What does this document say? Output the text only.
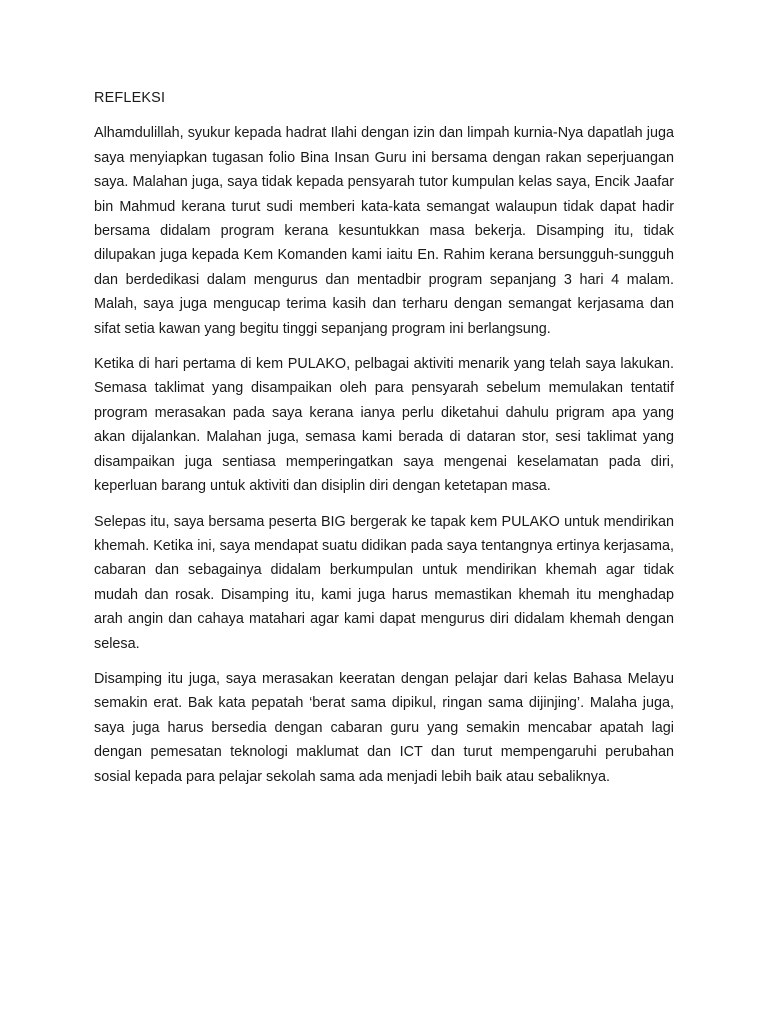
REFLEKSI

Alhamdulillah, syukur kepada hadrat Ilahi dengan izin dan limpah kurnia-Nya dapatlah juga saya menyiapkan tugasan folio Bina Insan Guru ini bersama dengan rakan seperjuangan saya. Malahan juga, saya tidak kepada pensyarah tutor kumpulan kelas saya, Encik Jaafar bin Mahmud kerana turut sudi memberi kata-kata semangat walaupun tidak dapat hadir bersama didalam program kerana kesuntukkan masa bekerja. Disamping itu, tidak dilupakan juga kepada Kem Komanden kami iaitu En. Rahim kerana bersungguh-sungguh dan berdedikasi dalam mengurus dan mentadbir program sepanjang 3 hari 4 malam. Malah, saya juga mengucap terima kasih dan terharu dengan semangat kerjasama dan sifat setia kawan yang begitu tinggi sepanjang program ini berlangsung.

Ketika di hari pertama di kem PULAKO, pelbagai aktiviti menarik yang telah saya lakukan. Semasa taklimat yang disampaikan oleh para pensyarah sebelum memulakan tentatif program merasakan pada saya kerana ianya perlu diketahui dahulu prigram apa yang akan dijalankan. Malahan juga, semasa kami berada di dataran stor, sesi taklimat yang disampaikan juga sentiasa memperingatkan saya mengenai keselamatan pada diri, keperluan barang untuk aktiviti dan disiplin diri dengan ketetapan masa.

Selepas itu, saya bersama peserta BIG bergerak ke tapak kem PULAKO untuk mendirikan khemah. Ketika ini, saya mendapat suatu didikan pada saya tentangnya ertinya kerjasama, cabaran dan sebagainya didalam berkumpulan untuk mendirikan khemah agar tidak mudah dan rosak. Disamping itu, kami juga harus memastikan khemah itu menghadap arah angin dan cahaya matahari agar kami dapat mengurus diri didalam khemah dengan selesa.

Disamping itu juga, saya merasakan keeratan dengan pelajar dari kelas Bahasa Melayu semakin erat. Bak kata pepatah ‘berat sama dipikul, ringan sama dijinjing’. Malaha juga, saya juga harus bersedia dengan cabaran guru yang semakin mencabar apatah lagi dengan pemesatan teknologi maklumat dan ICT dan turut mempengaruhi perubahan sosial kepada para pelajar sekolah sama ada menjadi lebih baik atau sebaliknya.
